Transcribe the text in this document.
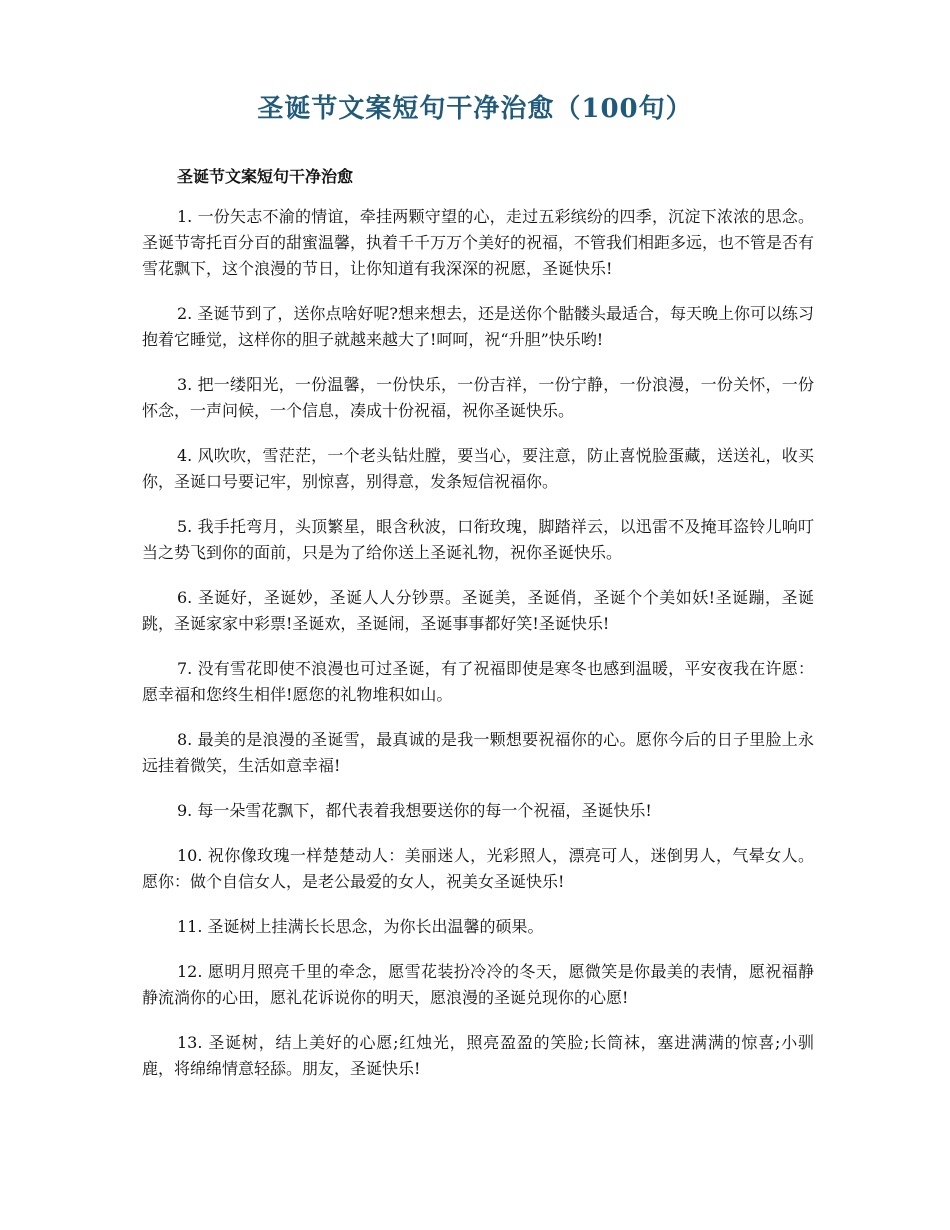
圣诞节文案短句干净治愈（100句）
圣诞节文案短句干净治愈
1. 一份矢志不渝的情谊，牵挂两颗守望的心，走过五彩缤纷的四季，沉淀下浓浓的思念。圣诞节寄托百分百的甜蜜温馨，执着千千万万个美好的祝福，不管我们相距多远，也不管是否有雪花飘下，这个浪漫的节日，让你知道有我深深的祝愿，圣诞快乐!
2. 圣诞节到了，送你点啥好呢?想来想去，还是送你个骷髅头最适合，每天晚上你可以练习抱着它睡觉，这样你的胆子就越来越大了!呵呵，祝“升胆”快乐哟!
3. 把一缕阳光，一份温馨，一份快乐，一份吉祥，一份宁静，一份浪漫，一份关怀，一份怀念，一声问候，一个信息，凑成十份祝福，祝你圣诞快乐。
4. 风吹吹，雪茫茫，一个老头钻灶膛，要当心，要注意，防止喜悦脸蛋藏，送送礼，收买你，圣诞口号要记牢，别惊喜，别得意，发条短信祝福你。
5. 我手托弯月，头顶繁星，眼含秋波，口衔玫瑰，脚踏祥云，以迅雷不及掩耳盗铃儿响叮当之势飞到你的面前，只是为了给你送上圣诞礼物，祝你圣诞快乐。
6. 圣诞好，圣诞妙，圣诞人人分钞票。圣诞美，圣诞俏，圣诞个个美如妖!圣诞蹦，圣诞跳，圣诞家家中彩票!圣诞欢，圣诞闹，圣诞事事都好笑!圣诞快乐!
7. 没有雪花即使不浪漫也可过圣诞，有了祝福即使是寒冬也感到温暖，平安夜我在许愿：愿幸福和您终生相伴!愿您的礼物堆积如山。
8. 最美的是浪漫的圣诞雪，最真诚的是我一颗想要祝福你的心。愿你今后的日子里脸上永远挂着微笑，生活如意幸福!
9. 每一朵雪花飘下，都代表着我想要送你的每一个祝福，圣诞快乐!
10. 祝你像玫瑰一样楚楚动人：美丽迷人，光彩照人，漂亮可人，迷倒男人，气晕女人。愿你：做个自信女人，是老公最爱的女人，祝美女圣诞快乐!
11. 圣诞树上挂满长长思念，为你长出温馨的硕果。
12. 愿明月照亮千里的牵念，愿雪花装扮冷冷的冬天，愿微笑是你最美的表情，愿祝福静静流淌你的心田，愿礼花诉说你的明天，愿浪漫的圣诞兑现你的心愿!
13. 圣诞树，结上美好的心愿;红烛光，照亮盈盈的笑脸;长筒袜，塞进满满的惊喜;小驯鹿，将绵绵情意轻舔。朋友，圣诞快乐!
